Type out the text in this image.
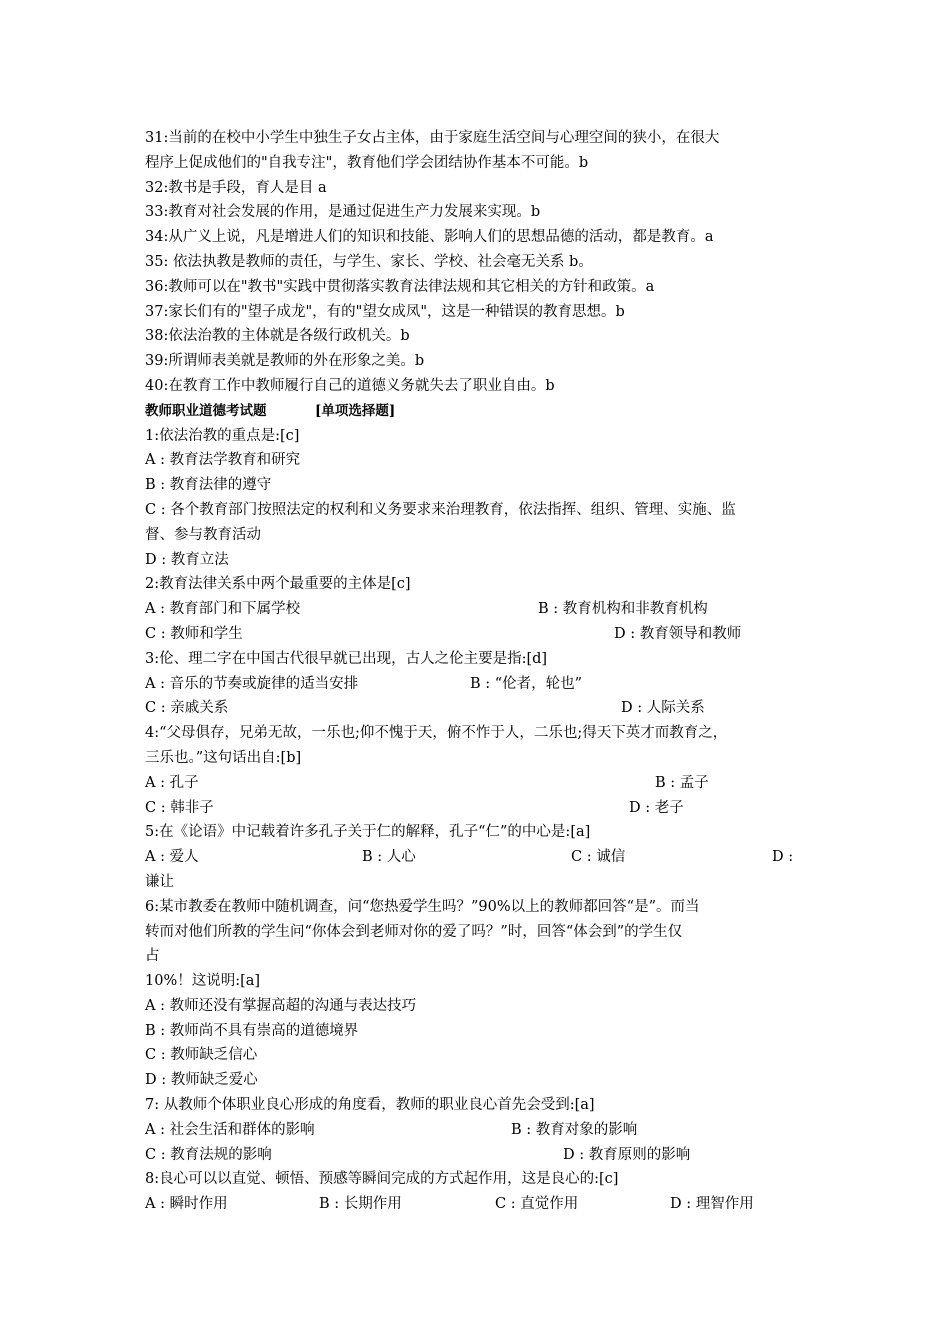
31:当前的在校中小学生中独生子女占主体，由于家庭生活空间与心理空间的狭小，在很大
程序上促成他们的"自我专注"，教育他们学会团结协作基本不可能。b
32:教书是手段，育人是目 a
33:教育对社会发展的作用，是通过促进生产力发展来实现。b
34:从广义上说，凡是增进人们的知识和技能、影响人们的思想品德的活动，都是教育。a
35: 依法执教是教师的责任，与学生、家长、学校、社会毫无关系 b。
36:教师可以在"教书"实践中贯彻落实教育法律法规和其它相关的方针和政策。a
37:家长们有的"望子成龙"，有的"望女成凤"，这是一种错误的教育思想。b
38:依法治教的主体就是各级行政机关。b
39:所谓师表美就是教师的外在形象之美。b
40:在教育工作中教师履行自己的道德义务就失去了职业自由。b
教师职业道德考试题	[单项选择题]
1:依法治教的重点是:[c]
A : 教育法学教育和研究
B : 教育法律的遵守
C : 各个教育部门按照法定的权利和义务要求来治理教育，依法指挥、组织、管理、实施、监
督、参与教育活动
D : 教育立法
2:教育法律关系中两个最重要的主体是[c]
A : 教育部门和下属学校	B : 教育机构和非教育机构
C : 教师和学生	D : 教育领导和教师
3:伦、理二字在中国古代很早就已出现，古人之伦主要是指:[d]
A : 音乐的节奏或旋律的适当安排	B : “伦者，轮也”
C : 亲戚关系	D : 人际关系
4:“父母俱存，兄弟无故，一乐也;仰不愧于天，俯不怍于人，二乐也;得天下英才而教育之，
三乐也。”这句话出自:[b]
A : 孔子	B : 孟子
C : 韩非子	D : 老子
5:在《论语》中记载着许多孔子关于仁的解释，孔子“仁”的中心是:[a]
A : 爱人	B : 人心	C : 诚信	D :
谦让
6:某市教委在教师中随机调查，问“您热爱学生吗？”90%以上的教师都回答“是”。而当
转而对他们所教的学生问“你体会到老师对你的爱了吗？”时，回答“体会到”的学生仅
占
10%！这说明:[a]
A : 教师还没有掌握高超的沟通与表达技巧
B : 教师尚不具有崇高的道德境界
C : 教师缺乏信心
D : 教师缺乏爱心
7: 从教师个体职业良心形成的角度看，教师的职业良心首先会受到:[a]
A : 社会生活和群体的影响	B : 教育对象的影响
C : 教育法规的影响	D : 教育原则的影响
8:良心可以以直觉、顿悟、预感等瞬间完成的方式起作用，这是良心的:[c]
A : 瞬时作用	B : 长期作用	C : 直觉作用	D : 理智作用
